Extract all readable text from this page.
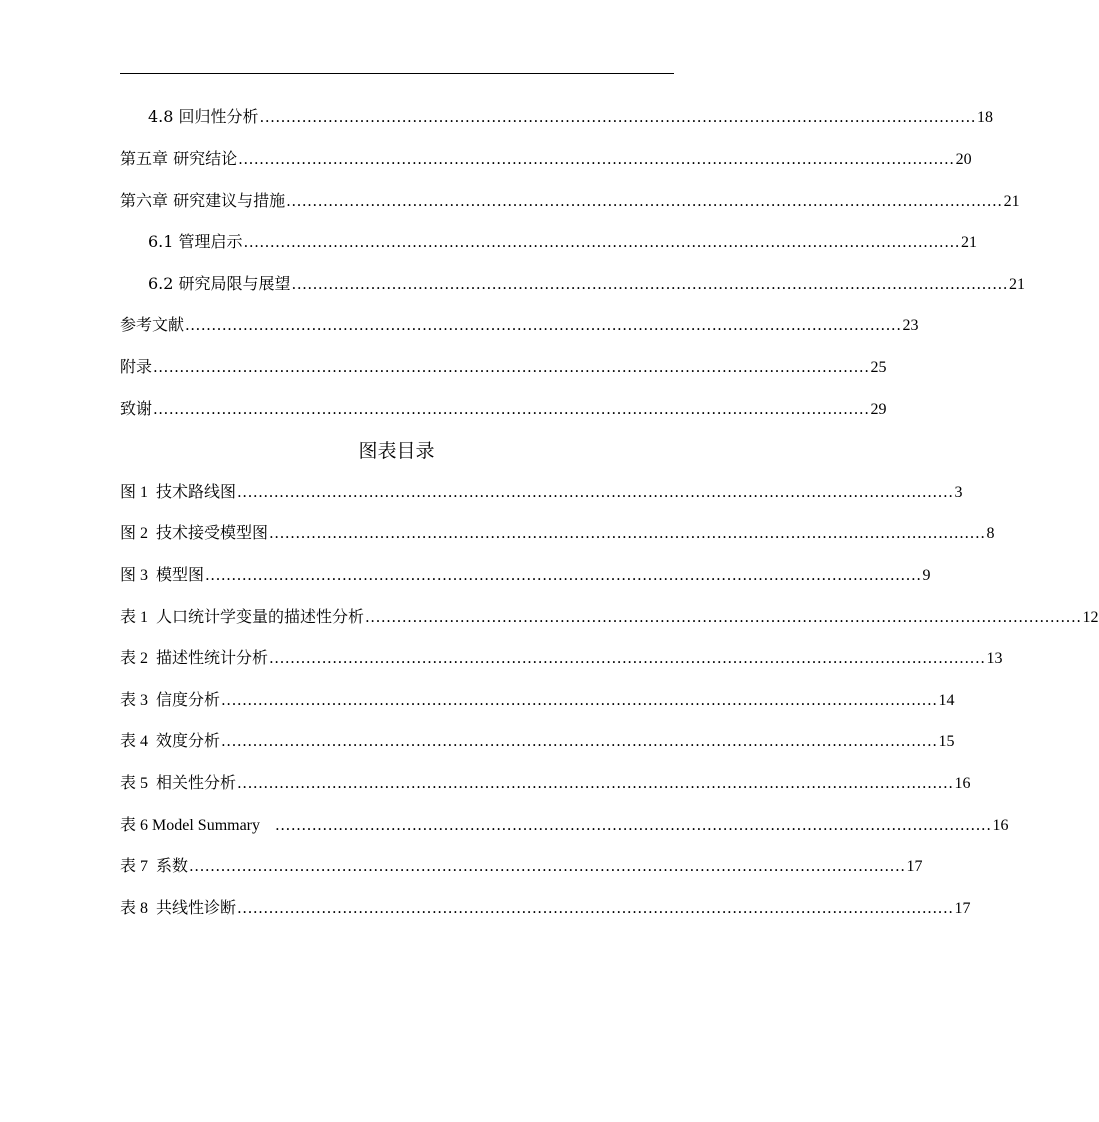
4.8 回归性分析 ........................................................................................................................................ 18
第五章 研究结论 ........................................................................................................................................ 20
第六章 研究建议与措施 ........................................................................................................................................ 21
6.1 管理启示 ........................................................................................................................................ 21
6.2 研究局限与展望 ........................................................................................................................................ 21
参考文献 ........................................................................................................................................ 23
附录 ........................................................................................................................................ 25
致谢 ........................................................................................................................................ 29
图表目录
图 1 技术路线图 ........................................................................................................................................ 3
图 2 技术接受模型图 ........................................................................................................................................ 8
图 3 模型图 ........................................................................................................................................ 9
表 1 人口统计学变量的描述性分析 ........................................................................................................................................ 12
表 2 描述性统计分析 ........................................................................................................................................ 13
表 3 信度分析 ........................................................................................................................................ 14
表 4 效度分析 ........................................................................................................................................ 15
表 5 相关性分析 ........................................................................................................................................ 16
表 6 Model Summary	........................................................................................................................................ 16
表 7 系数 ........................................................................................................................................ 17
表 8 共线性诊断 ........................................................................................................................................ 17
